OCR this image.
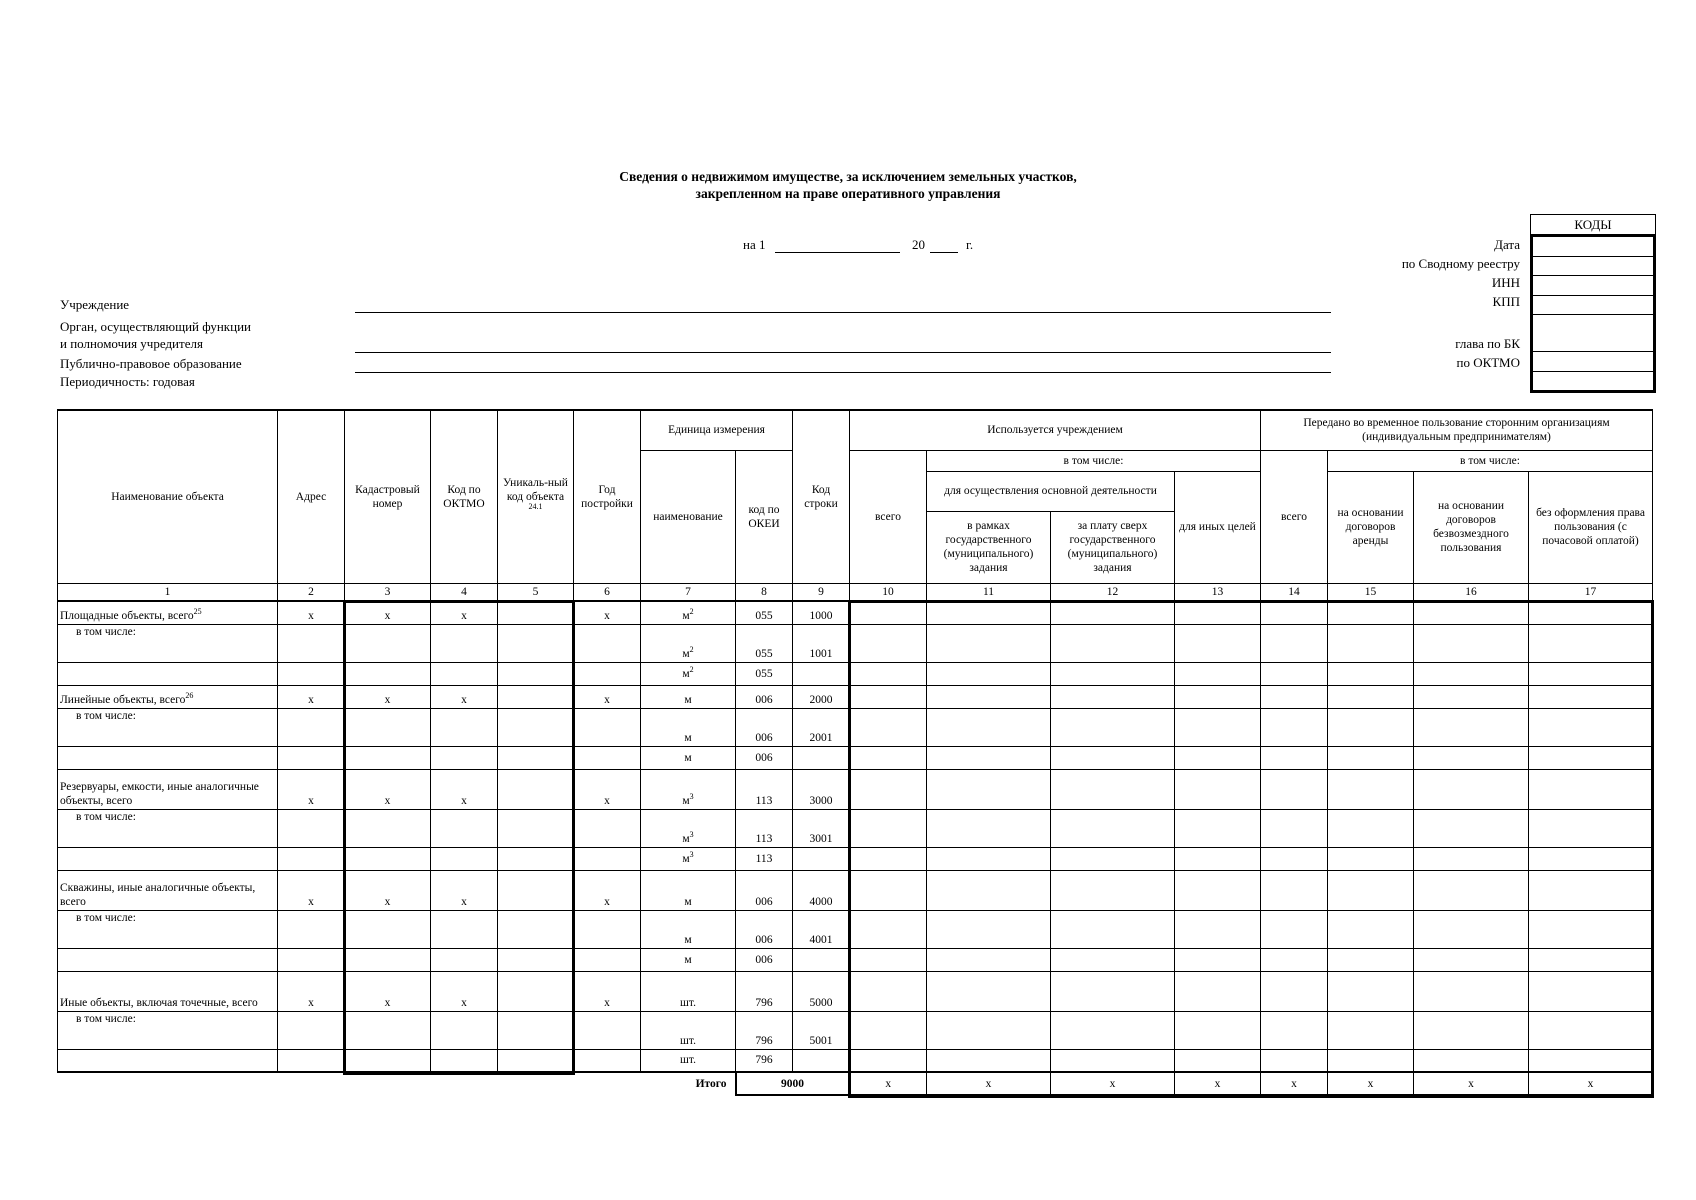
Сведения о недвижимом имуществе, за исключением земельных участков,
закрепленном на праве оперативного управления
на 1	20	г.
КОДЫ
Дата
по Сводному реестру
ИНН
КПП
глава по БК
по ОКТМО
Учреждение
Орган, осуществляющий функции
и полномочия учредителя
Публично-правовое образование
Периодичность: годовая
Наименование объекта	Адрес	Кадастровый номер	Код по ОКТМО	Уникаль-ный код объекта $^{24.1}$	Год постройки	Единица измерения		Код строки	Используется учреждением				Передано во временное пользование сторонним организациям (индивидуальным предпринимателям)			
						наименование	код по ОКЕИ		всего	в том числе:			всего	в том числе:		
										для осуществления основной деятельности		для иных целей		на основании договоров аренды	на основании договоров безвозмездного пользования	без оформления права пользования (с почасовой оплатой)
										в рамках государственного (муниципального) задания	за плату сверх государственного (муниципального) задания					

1	2	3	4	5	6	7	8	9	10	11	12	13	14	15	16	17
Площадные объекты, всего$^{25}$	x	x	x		x	$м^2$	055	1000								
в том числе:						$м^2$	055	1001								
						$м^2$	055									
Линейные объекты, всего$^{26}$	x	x	x		x	м	006	2000								
в том числе:						м	006	2001								
						м	006									
Резервуары, емкости, иные аналогичные объекты, всего	x	x	x		x	$м^3$	113	3000								
в том числе:						$м^3$	113	3001								
						$м^3$	113									
Скважины, иные аналогичные объекты, всего	x	x	x		x	м	006	4000								
в том числе:						м	006	4001								
						м	006									
Иные объекты, включая точечные, всего	x	x	x		x	шт.	796	5000								
в том числе:						шт.	796	5001								
						шт.	796									
Итого							9000		x	x	x	x	x	x	x	x
